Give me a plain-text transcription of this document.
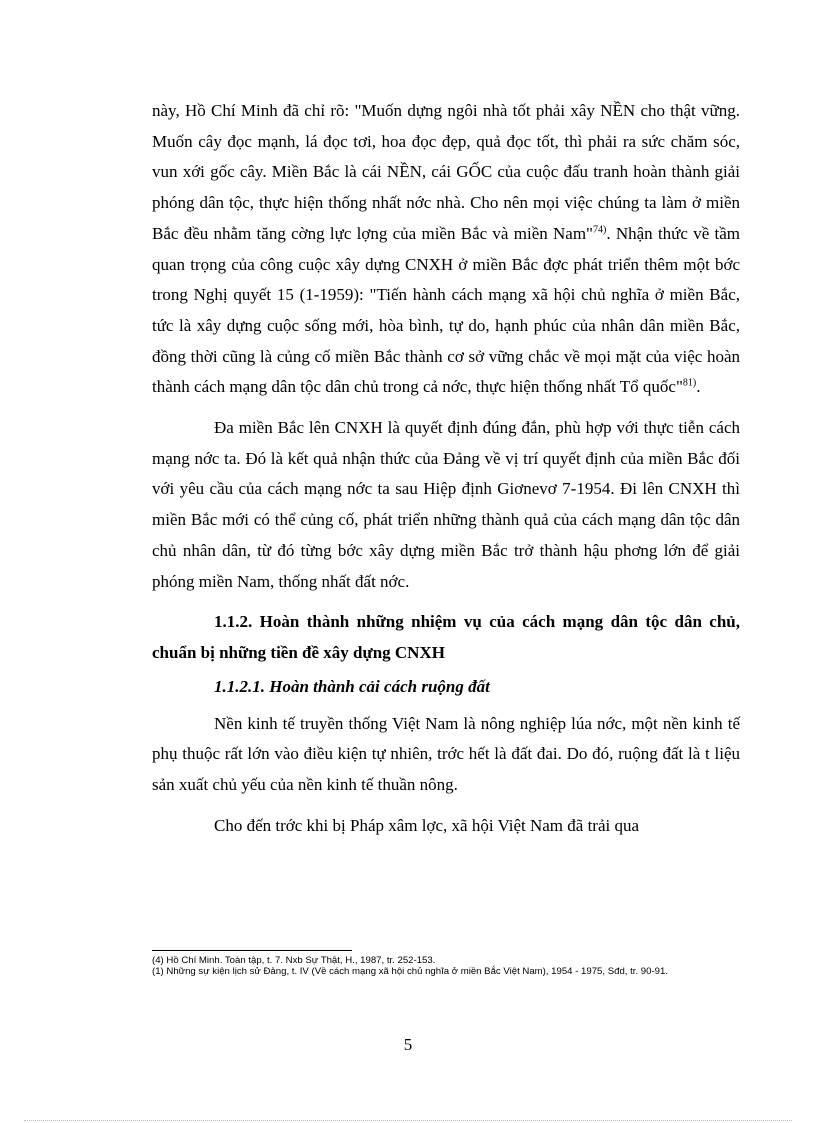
này, Hồ Chí Minh đã chỉ rõ: "Muốn dựng ngôi nhà tốt phải xây NỀN cho thật vững. Muốn cây đọc mạnh, lá đọc tơi, hoa đọc đẹp, quả đọc tốt, thì phải ra sức chăm sóc, vun xới gốc cây. Miền Bắc là cái NỀN, cái GỐC của cuộc đấu tranh hoàn thành giải phóng dân tộc, thực hiện thống nhất nớc nhà. Cho nên mọi việc chúng ta làm ở miền Bắc đều nhằm tăng cờng lực lợng của miền Bắc và miền Nam"$^{74)}$. Nhận thức về tầm quan trọng của công cuộc xây dựng CNXH ở miền Bắc đợc phát triển thêm một bớc trong Nghị quyết 15 (1-1959): "Tiến hành cách mạng xã hội chủ nghĩa ở miền Bắc, tức là xây dựng cuộc sống mới, hòa bình, tự do, hạnh phúc của nhân dân miền Bắc, đồng thời cũng là củng cố miền Bắc thành cơ sở vững chắc về mọi mặt của việc hoàn thành cách mạng dân tộc dân chủ trong cả nớc, thực hiện thống nhất Tổ quốc"$^{81)}$.

Đa miền Bắc lên CNXH là quyết định đúng đắn, phù hợp với thực tiễn cách mạng nớc ta. Đó là kết quả nhận thức của Đảng về vị trí quyết định của miền Bắc đối với yêu cầu của cách mạng nớc ta sau Hiệp định Giơnevơ 7-1954. Đi lên CNXH thì miền Bắc mới có thể củng cố, phát triển những thành quả của cách mạng dân tộc dân chủ nhân dân, từ đó từng bớc xây dựng miền Bắc trở thành hậu phơng lớn để giải phóng miền Nam, thống nhất đất nớc.

1.1.2. Hoàn thành những nhiệm vụ của cách mạng dân tộc dân chủ, chuẩn bị những tiền đề xây dựng CNXH

1.1.2.1. Hoàn thành cải cách ruộng đất

Nền kinh tế truyền thống Việt Nam là nông nghiệp lúa nớc, một nền kinh tế phụ thuộc rất lớn vào điều kiện tự nhiên, trớc hết là đất đai. Do đó, ruộng đất là t liệu sản xuất chủ yếu của nền kinh tế thuần nông.

Cho đến trớc khi bị Pháp xâm lợc, xã hội Việt Nam đã trải qua

(4) Hồ Chí Minh. Toàn tập, t. 7. Nxb Sự Thật, H., 1987, tr. 252-153.

(1) Những sự kiện lịch sử Đảng, t. IV (Về cách mạng xã hội chủ nghĩa ở miền Bắc Việt Nam), 1954 - 1975, Sđd, tr. 90-91.

5
